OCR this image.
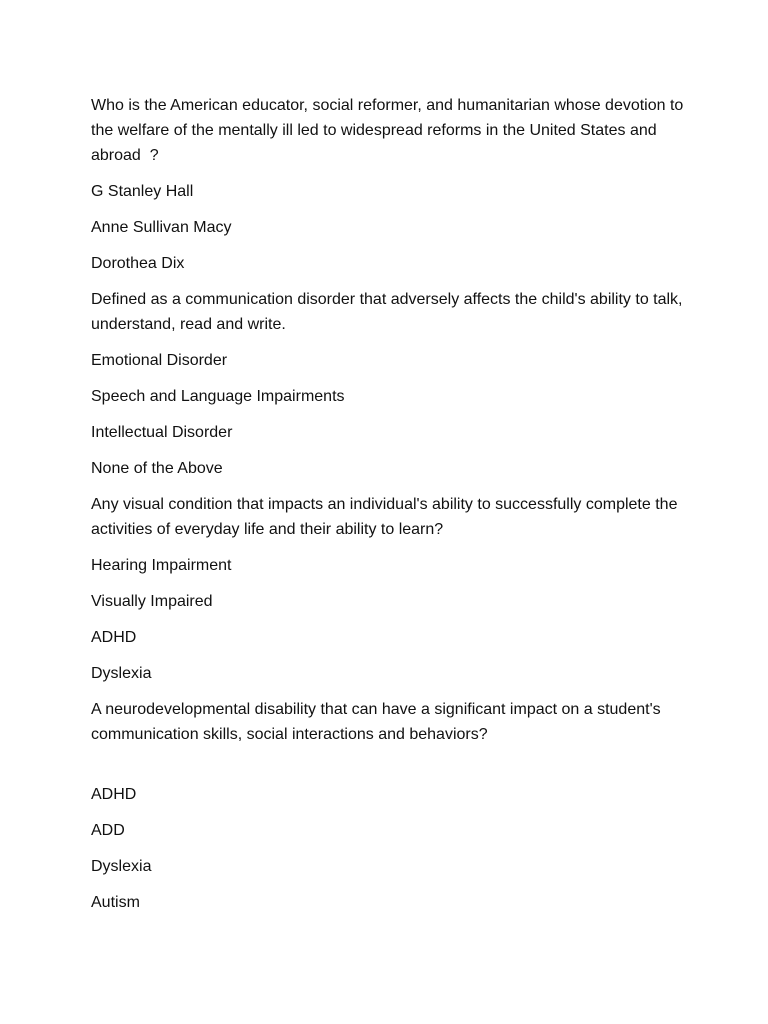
Who is the American educator, social reformer, and humanitarian whose devotion to the welfare of the mentally ill led to widespread reforms in the United States and abroad  ?

G Stanley Hall

Anne Sullivan Macy

Dorothea Dix

Defined as a communication disorder that adversely affects the child's ability to talk, understand, read and write.

Emotional Disorder

Speech and Language Impairments

Intellectual Disorder

None of the Above

Any visual condition that impacts an individual's ability to successfully complete the activities of everyday life and their ability to learn?

Hearing Impairment

Visually Impaired

ADHD

Dyslexia

A neurodevelopmental disability that can have a significant impact on a student's communication skills, social interactions and behaviors?

ADHD

ADD

Dyslexia

Autism
